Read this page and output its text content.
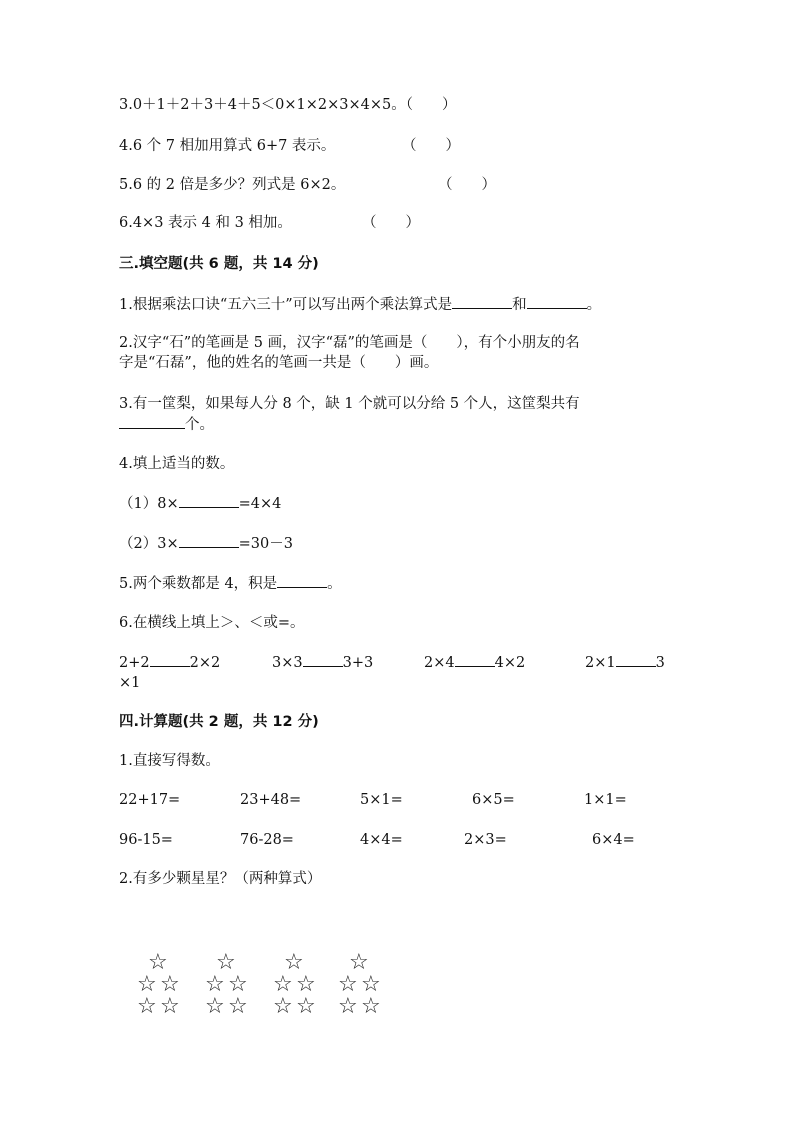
3.0＋1＋2＋3＋4＋5＜0×1×2×3×4×5。（　　）
4.6 个 7 相加用算式 6+7 表示。	（　　）
5.6 的 2 倍是多少？列式是 6×2。	（　　）
6.4×3 表示 4 和 3 相加。	（　　）
三.填空题(共 6 题，共 14 分)
1.根据乘法口诀“五六三十”可以写出两个乘法算式是	和	。
2.汉字“石”的笔画是 5 画，汉字“磊”的笔画是（　　），有个小朋友的名
字是“石磊”，他的姓名的笔画一共是（　　）画。
3.有一筐梨，如果每人分 8 个，缺 1 个就可以分给 5 个人，这筐梨共有
个。
4.填上适当的数。
（1）8×	=4×4
（2）3×	=30－3
5.两个乘数都是 4，积是	。
6.在横线上填上＞、＜或=。
2+2	2×2	3×3	3+3	2×4	4×2	2×1	3
×1
四.计算题(共 2 题，共 12 分)
1.直接写得数。
22+17=	23+48=	5×1=	6×5=	1×1=
96-15=	76-28=	4×4=	2×3=	6×4=
2.有多少颗星星？（两种算式）
☆
☆ ☆
☆ ☆
☆
☆ ☆
☆ ☆
☆
☆ ☆
☆ ☆
☆
☆ ☆
☆ ☆
